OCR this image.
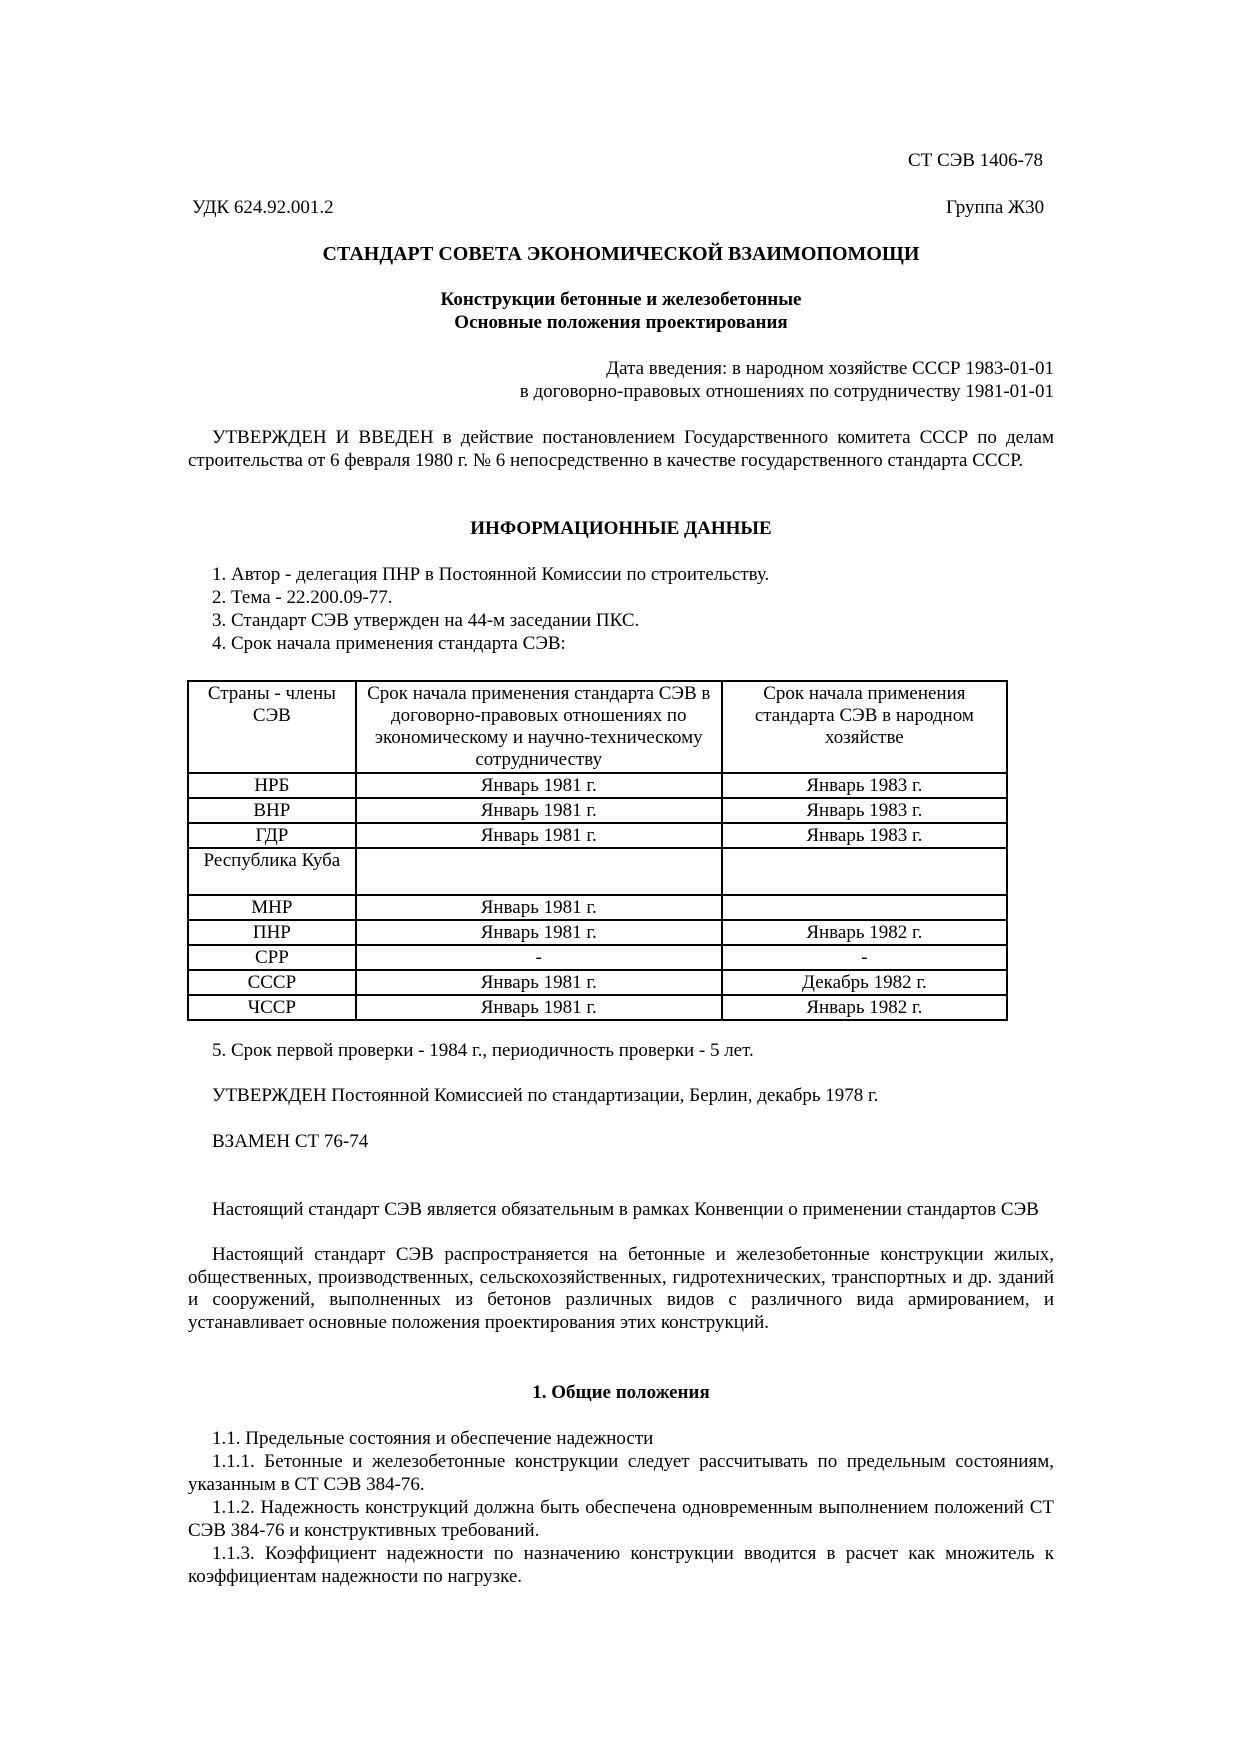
СТ СЭВ 1406-78
УДК 624.92.001.2	Группа Ж30
СТАНДАРТ СОВЕТА ЭКОНОМИЧЕСКОЙ ВЗАИМОПОМОЩИ
Конструкции бетонные и железобетонные
Основные положения проектирования
Дата введения: в народном хозяйстве СССР 1983-01-01
в договорно-правовых отношениях по сотрудничеству 1981-01-01
УТВЕРЖДЕН И ВВЕДЕН в действие постановлением Государственного комитета СССР по делам строительства от 6 февраля 1980 г. № 6 непосредственно в качестве государственного стандарта СССР.
ИНФОРМАЦИОННЫЕ ДАННЫЕ
1. Автор - делегация ПНР в Постоянной Комиссии по строительству.
2. Тема - 22.200.09-77.
3. Стандарт СЭВ утвержден на 44-м заседании ПКС.
4. Срок начала применения стандарта СЭВ:
Страны - члены СЭВ	Срок начала применения стандарта СЭВ в договорно-правовых отношениях по экономическому и научно-техническому сотрудничеству	Срок начала применения стандарта СЭВ в народном хозяйстве
НРБ	Январь 1981 г.	Январь 1983 г.
ВНР	Январь 1981 г.	Январь 1983 г.
ГДР	Январь 1981 г.	Январь 1983 г.
Республика Куба		
МНР	Январь 1981 г.	
ПНР	Январь 1981 г.	Январь 1982 г.
СРР	-	-
СССР	Январь 1981 г.	Декабрь 1982 г.
ЧССР	Январь 1981 г.	Январь 1982 г.
5. Срок первой проверки - 1984 г., периодичность проверки - 5 лет.
УТВЕРЖДЕН Постоянной Комиссией по стандартизации, Берлин, декабрь 1978 г.
ВЗАМЕН СТ 76-74
Настоящий стандарт СЭВ является обязательным в рамках Конвенции о применении стандартов СЭВ
Настоящий стандарт СЭВ распространяется на бетонные и железобетонные конструкции жилых, общественных, производственных, сельскохозяйственных, гидротехнических, транспортных и др. зданий и сооружений, выполненных из бетонов различных видов с различного вида армированием, и устанавливает основные положения проектирования этих конструкций.
1. Общие положения
1.1. Предельные состояния и обеспечение надежности
1.1.1. Бетонные и железобетонные конструкции следует рассчитывать по предельным состояниям, указанным в СТ СЭВ 384-76.
1.1.2. Надежность конструкций должна быть обеспечена одновременным выполнением положений СТ СЭВ 384-76 и конструктивных требований.
1.1.3. Коэффициент надежности по назначению конструкции вводится в расчет как множитель к коэффициентам надежности по нагрузке.
